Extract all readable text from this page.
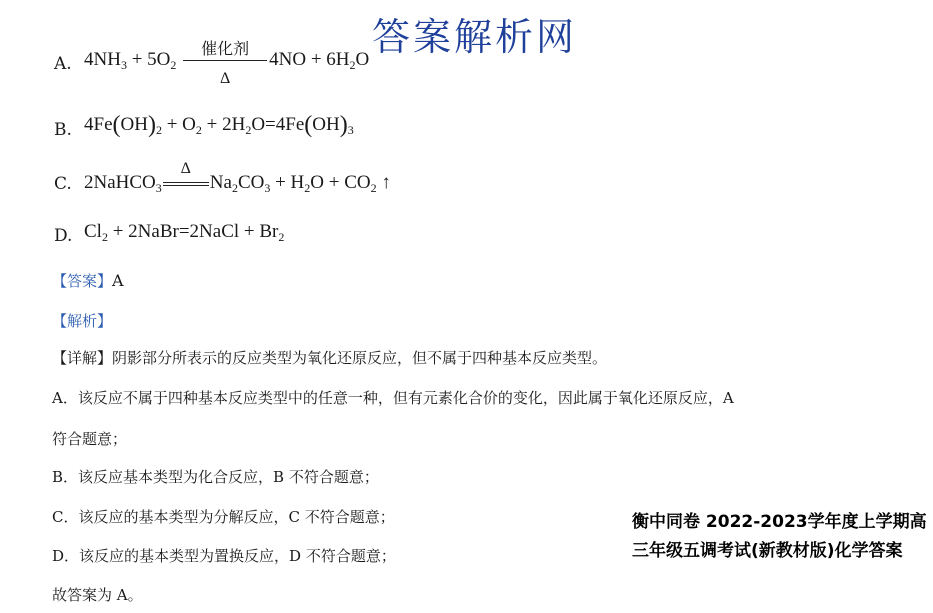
答案解析网
A. $4NH_3 + 5O_2$
催化剂
Δ
$4NO + 6H_2O$
B. $4Fe(OH)_2 + O_2 + 2H_2O=4Fe(OH)_3$
C. 2NaHCO$_3$
Δ
$Na_2CO_3 + H_2O + CO_2$ ↑
D. $Cl_2$ + 2NaBr=2NaCl + $Br_2$
【答案】A
【解析】
【详解】阴影部分所表示的反应类型为氧化还原反应，但不属于四种基本反应类型。
A．该反应不属于四种基本反应类型中的任意一种，但有元素化合价的变化，因此属于氧化还原反应，A
符合题意；
B．该反应基本类型为化合反应，B 不符合题意；
C．该反应的基本类型为分解反应，C 不符合题意；
D．该反应的基本类型为置换反应，D 不符合题意；
故答案为 A。
衡中同卷 2022-2023学年度上学期高三年级五调考试(新教材版)化学答案
